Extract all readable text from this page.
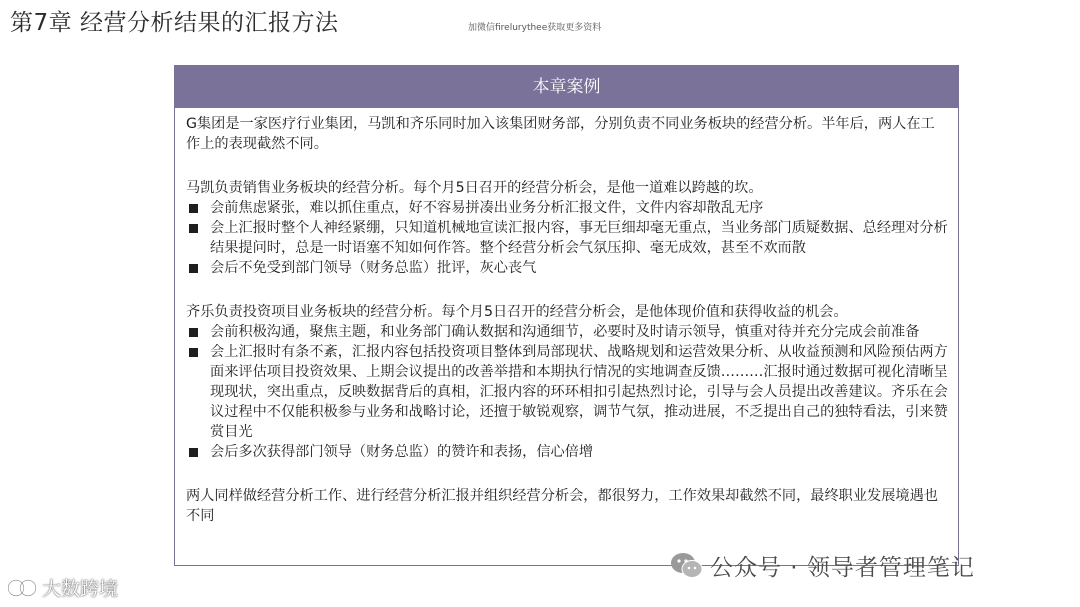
第7章 经营分析结果的汇报方法	加微信firelurythee获取更多资料
本章案例

G集团是一家医疗行业集团，马凯和齐乐同时加入该集团财务部，分别负责不同业务板块的经营分析。半年后，两人在工作上的表现截然不同。

马凯负责销售业务板块的经营分析。每个月5日召开的经营分析会，是他一道难以跨越的坎。

会前焦虑紧张，难以抓住重点，好不容易拼凑出业务分析汇报文件，文件内容却散乱无序
会上汇报时整个人神经紧绷，只知道机械地宣读汇报内容，事无巨细却毫无重点，当业务部门质疑数据、总经理对分析结果提问时，总是一时语塞不知如何作答。整个经营分析会气氛压抑、毫无成效，甚至不欢而散
会后不免受到部门领导（财务总监）批评，灰心丧气

齐乐负责投资项目业务板块的经营分析。每个月5日召开的经营分析会，是他体现价值和获得收益的机会。

会前积极沟通，聚焦主题，和业务部门确认数据和沟通细节，必要时及时请示领导，慎重对待并充分完成会前准备
会上汇报时有条不紊，汇报内容包括投资项目整体到局部现状、战略规划和运营效果分析、从收益预测和风险预估两方面来评估项目投资效果、上期会议提出的改善举措和本期执行情况的实地调查反馈………汇报时通过数据可视化清晰呈现现状，突出重点，反映数据背后的真相，汇报内容的环环相扣引起热烈讨论，引导与会人员提出改善建议。齐乐在会议过程中不仅能积极参与业务和战略讨论，还擅于敏锐观察，调节气氛，推动进展，不乏提出自己的独特看法，引来赞赏目光
会后多次获得部门领导（财务总监）的赞许和表扬，信心倍增

两人同样做经营分析工作、进行经营分析汇报并组织经营分析会，都很努力，工作效果却截然不同，最终职业发展境遇也不同

公众号 · 领导者管理笔记
大数跨境
